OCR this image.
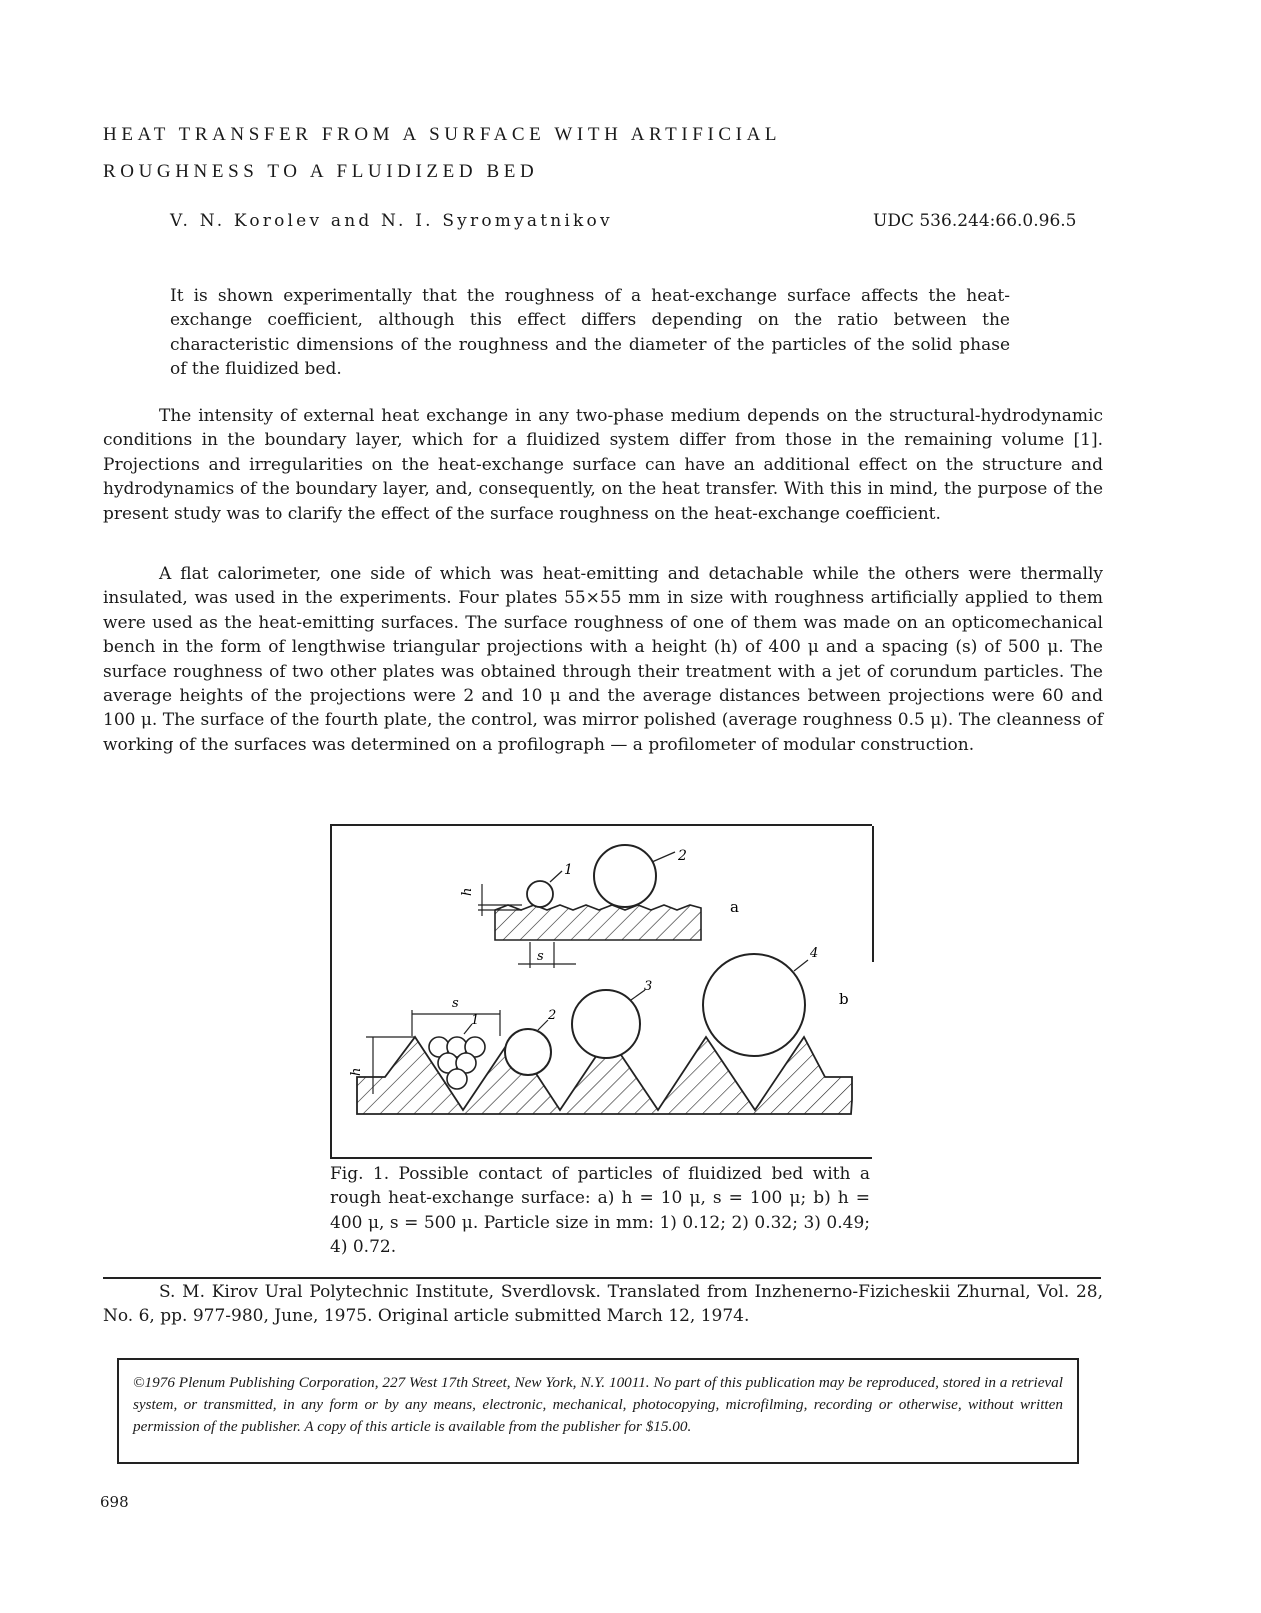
HEAT TRANSFER FROM A SURFACE WITH ARTIFICIAL
ROUGHNESS TO A FLUIDIZED BED
V. N. Korolev and N. I. Syromyatnikov	UDC 536.244:66.0.96.5
It is shown experimentally that the roughness of a heat-exchange surface affects the heat-exchange coefficient, although this effect differs depending on the ratio between the characteristic dimensions of the roughness and the diameter of the particles of the solid phase of the fluidized bed.
The intensity of external heat exchange in any two-phase medium depends on the structural-hydrodynamic conditions in the boundary layer, which for a fluidized system differ from those in the remaining volume [1]. Projections and irregularities on the heat-exchange surface can have an additional effect on the structure and hydrodynamics of the boundary layer, and, consequently, on the heat transfer. With this in mind, the purpose of the present study was to clarify the effect of the surface roughness on the heat-exchange coefficient.
A flat calorimeter, one side of which was heat-emitting and detachable while the others were thermally insulated, was used in the experiments. Four plates 55×55 mm in size with roughness artificially applied to them were used as the heat-emitting surfaces. The surface roughness of one of them was made on an opticomechanical bench in the form of lengthwise triangular projections with a height (h) of 400 μ and a spacing (s) of 500 μ. The surface roughness of two other plates was obtained through their treatment with a jet of corundum particles. The average heights of the projections were 2 and 10 μ and the average distances between projections were 60 and 100 μ. The surface of the fourth plate, the control, was mirror polished (average roughness 0.5 μ). The cleanness of working of the surfaces was determined on a profilograph — a profilometer of modular construction.
h
s
1
2
a
h
s
1	2
3
4
b
Fig. 1. Possible contact of particles of fluidized bed with a rough heat-exchange surface: a) h = 10 μ, s = 100 μ; b) h = 400 μ, s = 500 μ. Particle size in mm: 1) 0.12; 2) 0.32; 3) 0.49; 4) 0.72.
S. M. Kirov Ural Polytechnic Institute, Sverdlovsk. Translated from Inzhenerno-Fizicheskii Zhurnal, Vol. 28, No. 6, pp. 977-980, June, 1975. Original article submitted March 12, 1974.
©1976 Plenum Publishing Corporation, 227 West 17th Street, New York, N.Y. 10011. No part of this publication may be reproduced, stored in a retrieval system, or transmitted, in any form or by any means, electronic, mechanical, photocopying, microfilming, recording or otherwise, without written permission of the publisher. A copy of this article is available from the publisher for $15.00.
698
